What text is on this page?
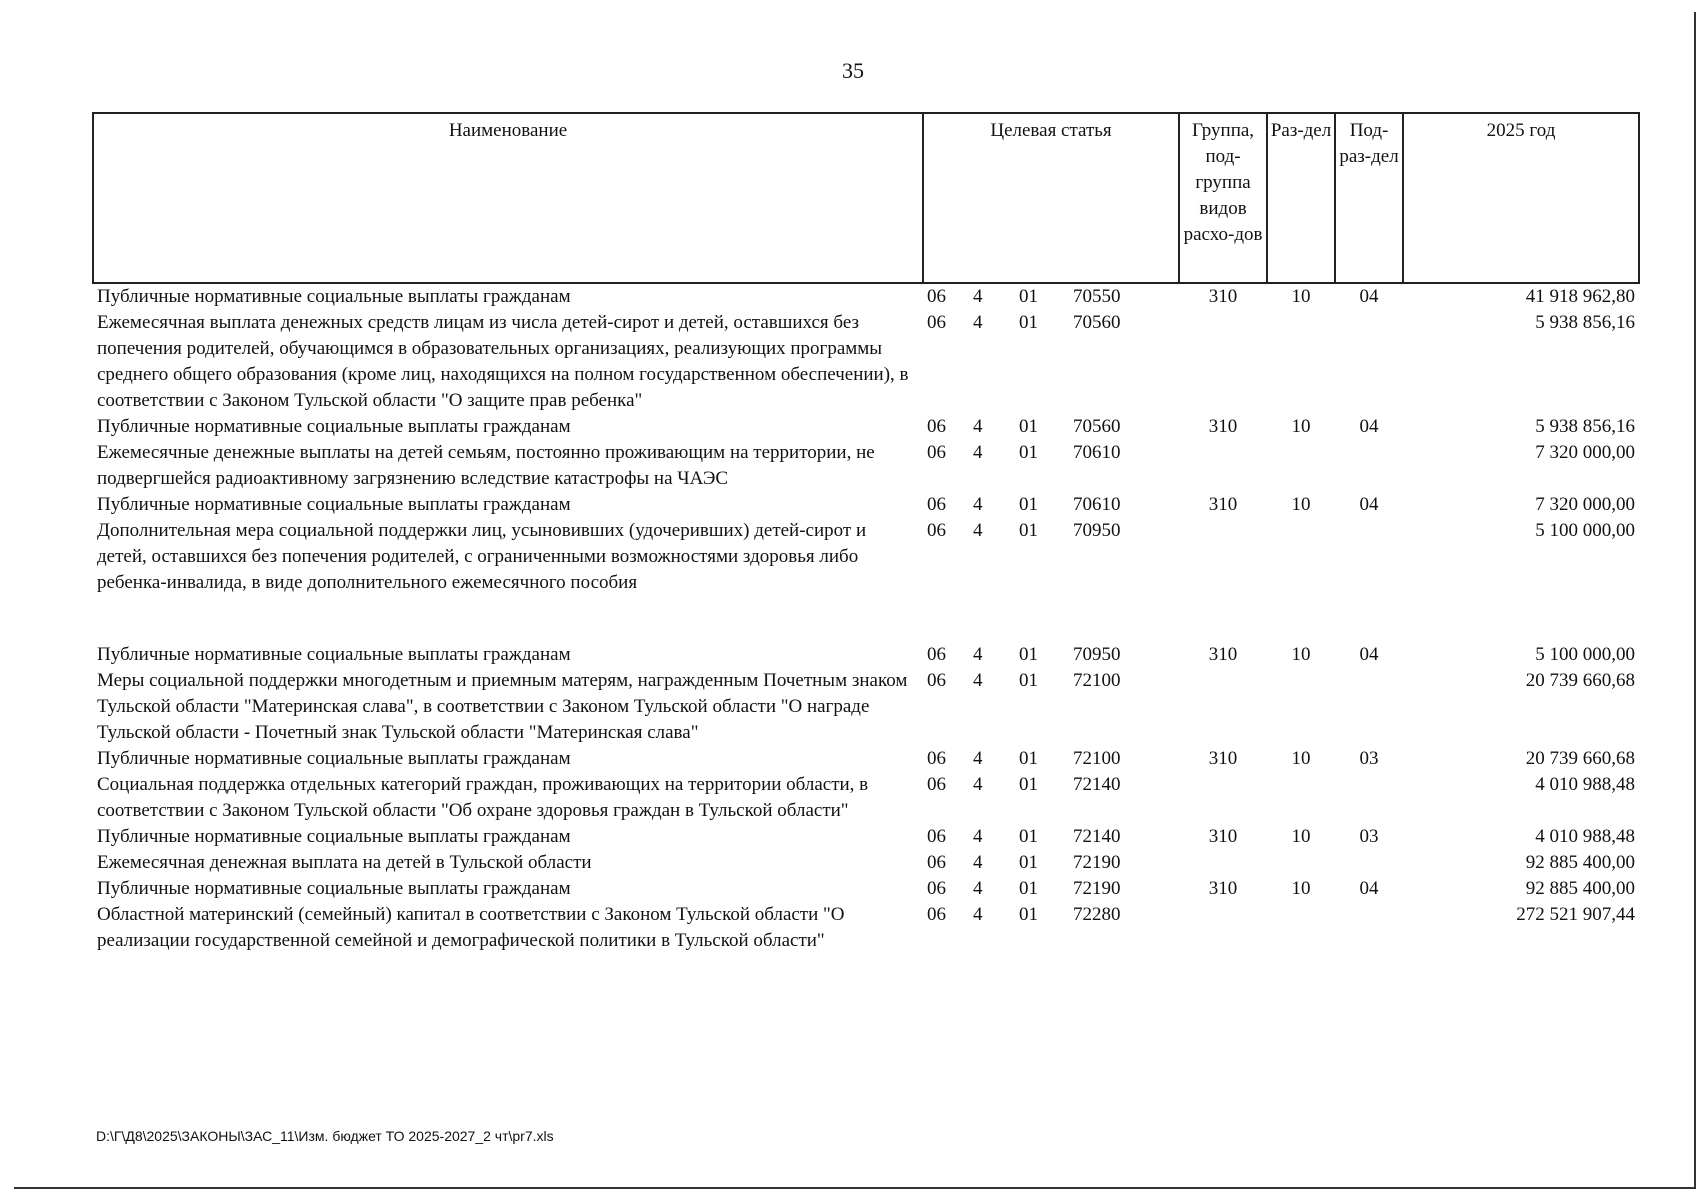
35
Наименование	Целевая статья				Группа, под-группа видов расхо-дов	Раз-дел	Под-раз-дел	2025 год
Публичные нормативные социальные выплаты гражданам	06	4	01	70550	310	10	04	41 918 962,80
Ежемесячная выплата денежных средств лицам из числа детей-сирот и детей, оставшихся без попечения родителей, обучающимся в образовательных организациях, реализующих программы среднего общего образования (кроме лиц, находящихся на полном государственном обеспечении), в соответствии с Законом Тульской области "О защите прав ребенка"	06	4	01	70560				5 938 856,16
Публичные нормативные социальные выплаты гражданам	06	4	01	70560	310	10	04	5 938 856,16
Ежемесячные денежные выплаты на детей семьям, постоянно проживающим на территории, не подвергшейся радиоактивному загрязнению вследствие катастрофы на ЧАЭС	06	4	01	70610				7 320 000,00
Публичные нормативные социальные выплаты гражданам	06	4	01	70610	310	10	04	7 320 000,00
Дополнительная мера социальной поддержки лиц, усыновивших (удочеривших) детей-сирот и детей, оставшихся без попечения родителей, с ограниченными возможностями здоровья либо ребенка-инвалида, в виде дополнительного ежемесячного пособия	06	4	01	70950				5 100 000,00

Публичные нормативные социальные выплаты гражданам	06	4	01	70950	310	10	04	5 100 000,00
Меры социальной поддержки многодетным и приемным матерям, награжденным Почетным знаком Тульской области "Материнская слава", в соответствии с Законом Тульской области "О награде Тульской области - Почетный знак Тульской области "Материнская слава"	06	4	01	72100				20 739 660,68
Публичные нормативные социальные выплаты гражданам	06	4	01	72100	310	10	03	20 739 660,68
Социальная поддержка отдельных категорий граждан, проживающих на территории области, в соответствии с Законом Тульской области "Об охране здоровья граждан в Тульской области"	06	4	01	72140				4 010 988,48
Публичные нормативные социальные выплаты гражданам	06	4	01	72140	310	10	03	4 010 988,48
Ежемесячная денежная выплата на детей в Тульской области	06	4	01	72190				92 885 400,00
Публичные нормативные социальные выплаты гражданам	06	4	01	72190	310	10	04	92 885 400,00
Областной материнский (семейный) капитал в соответствии с Законом Тульской области "О реализации государственной семейной и демографической политики в Тульской области"	06	4	01	72280				272 521 907,44
D:\Г\Д8\2025\ЗАКОНЫ\ЗАС_11\Изм. бюджет ТО 2025-2027_2 чт\pr7.xls
